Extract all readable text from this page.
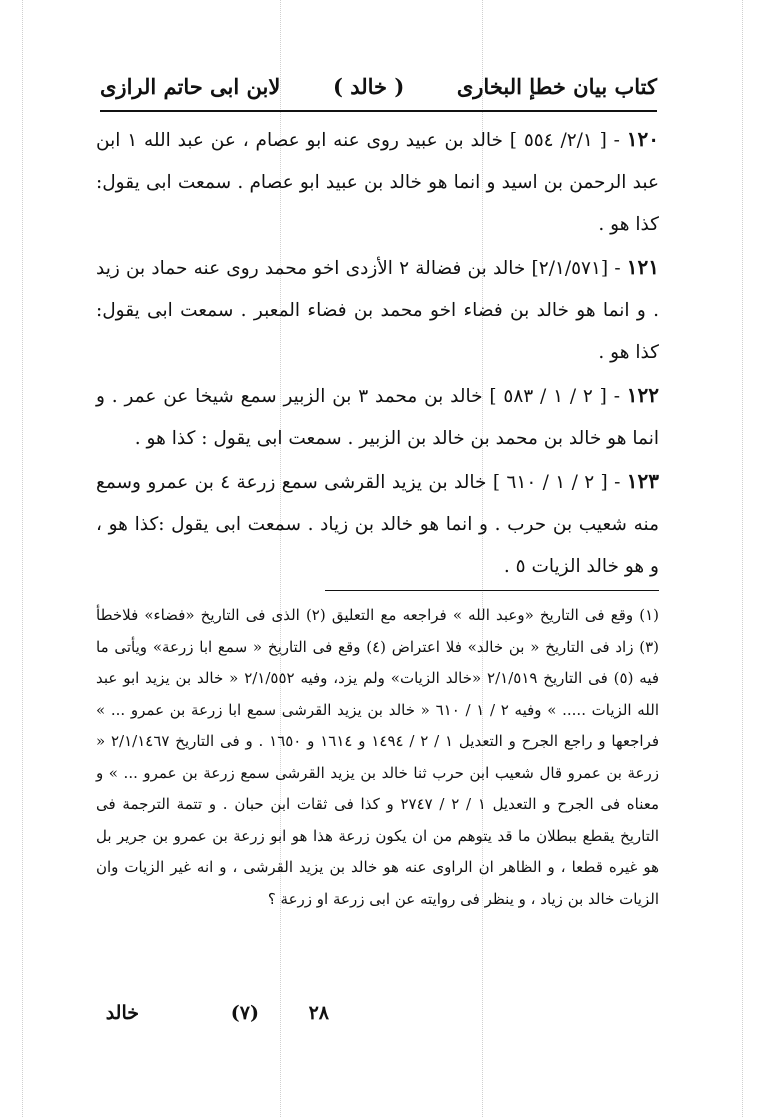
كتاب بيان خطإ البخارى
( خالد )
لابن ابى حاتم الرازى

١٢٠ - [ ٢/١/ ٥٥٤ ] خالد بن عبيد روى عنه ابو عصام ، عن عبد الله ١ ابن عبد الرحمن بن اسيد و انما هو خالد بن عبيد ابو عصام . سمعت ابى يقول: كذا هو .

١٢١ - [٢/١/٥٧١] خالد بن فضالة ٢ الأزدى اخو محمد روى عنه حماد بن زيد . و انما هو خالد بن فضاء اخو محمد بن فضاء المعبر . سمعت ابى يقول: كذا هو .

١٢٢ - [ ٢ / ١ / ٥٨٣ ] خالد بن محمد ٣ بن الزبير سمع شيخا عن عمر . و انما هو خالد بن محمد بن خالد بن الزبير . سمعت ابى يقول : كذا هو .

١٢٣ - [ ٢ / ١ / ٦١٠ ] خالد بن يزيد القرشى سمع زرعة ٤ بن عمرو وسمع منه شعيب بن حرب . و انما هو خالد بن زياد . سمعت ابى يقول :كذا هو ، و هو خالد الزيات ٥ .

(١) وقع فى التاريخ «وعبد الله » فراجعه مع التعليق (٢) الذى فى التاريخ «فضاء» فلاخطأ (٣) زاد فى التاريخ « بن خالد» فلا اعتراض (٤) وقع فى التاريخ « سمع ابا زرعة» ويأتى ما فيه (٥) فى التاريخ ٢/١/٥١٩ «خالد الزيات» ولم يزد، وفيه ٢/١/٥٥٢ « خالد بن يزيد ابو عبد الله الزيات ..... » وفيه ٢ / ١ / ٦١٠ « خالد بن يزيد القرشى سمع ابا زرعة بن عمرو ... » فراجعها و راجع الجرح و التعديل ١ / ٢ / ١٤٩٤ و ١٦١٤ و ١٦٥٠ . و فى التاريخ ٢/١/١٤٦٧ « زرعة بن عمرو قال شعيب ابن حرب ثنا خالد بن يزيد القرشى سمع زرعة بن عمرو ... » و معناه فى الجرح و التعديل ١ / ٢ / ٢٧٤٧ و كذا فى ثقات ابن حبان . و تتمة الترجمة فى التاريخ يقطع ببطلان ما قد يتوهم من ان يكون زرعة هذا هو ابو زرعة بن عمرو بن جرير بل هو غيره قطعا ، و الظاهر ان الراوى عنه هو خالد بن يزيد القرشى ، و انه غير الزيات وان الزيات خالد بن زياد ، و ينظر فى روايته عن ابى زرعة او زرعة ؟

٢٨
(٧)
خالد
